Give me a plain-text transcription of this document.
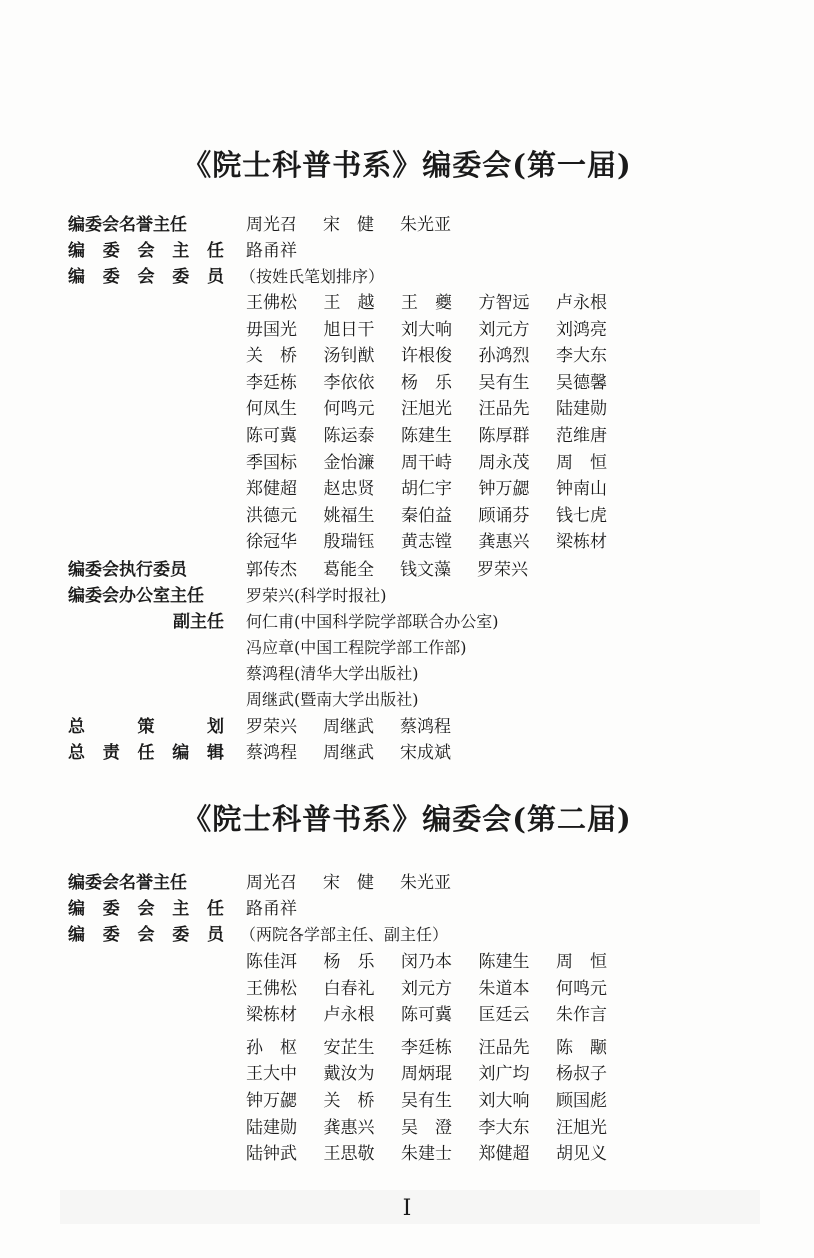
《院士科普书系》编委会(第一届)
编委会名誉主任	周光召	宋　健	朱光亚
编 委 会 主 任 路甬祥
编 委 会 委 员 （按姓氏笔划排序）
王佛松	王　越	王　夔	方智远	卢永根
毋国光	旭日干	刘大响	刘元方	刘鸿亮
关　桥	汤钊猷	许根俊	孙鸿烈	李大东
李廷栋	李依依	杨　乐	吴有生	吴德馨
何凤生	何鸣元	汪旭光	汪品先	陆建勋
陈可冀	陈运泰	陈建生	陈厚群	范维唐
季国标	金怡濂	周干峙	周永茂	周　恒
郑健超	赵忠贤	胡仁宇	钟万勰	钟南山
洪德元	姚福生	秦伯益	顾诵芬	钱七虎
徐冠华	殷瑞钰	黄志镗	龚惠兴	梁栋材
编委会执行委员	郭传杰	葛能全	钱文藻	罗荣兴
编委会办公室主任	罗荣兴(科学时报社)
副主任 何仁甫(中国科学院学部联合办公室)
冯应章(中国工程院学部工作部)
蔡鸿程(清华大学出版社)
周继武(暨南大学出版社)
总	策	划 罗荣兴	周继武	蔡鸿程
总 责 任 编 辑 蔡鸿程	周继武	宋成斌
《院士科普书系》编委会(第二届)
编委会名誉主任	周光召	宋　健	朱光亚
编 委 会 主 任 路甬祥
编 委 会 委 员 （两院各学部主任、副主任）
陈佳洱	杨　乐	闵乃本	陈建生	周　恒
王佛松	白春礼	刘元方	朱道本	何鸣元
梁栋材	卢永根	陈可冀	匡廷云	朱作言
孙　枢	安芷生	李廷栋	汪品先	陈　颙
王大中	戴汝为	周炳琨	刘广均	杨叔子
钟万勰	关　桥	吴有生	刘大响	顾国彪
陆建勋	龚惠兴	吴　澄	李大东	汪旭光
陆钟武	王思敬	朱建士	郑健超	胡见义
I
